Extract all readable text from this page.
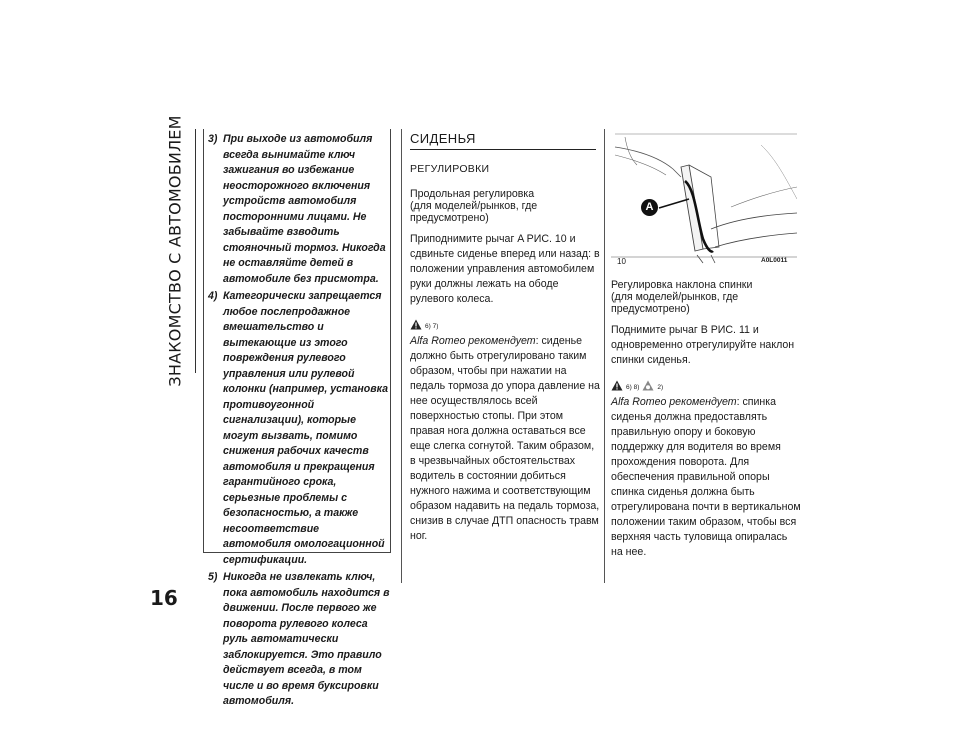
ЗНАКОМСТВО С АВТОМОБИЛЕМ
16
3) При выходе из автомобиля всегда вынимайте ключ зажигания во избежание неосторожного включения устройств автомобиля посторонними лицами. Не забывайте взводить стояночный тормоз. Никогда не оставляйте детей в автомобиле без присмотра.
4) Категорически запрещается любое послепродажное вмешательство и вытекающие из этого повреждения рулевого управления или рулевой колонки (например, установка противоугонной сигнализации), которые могут вызвать, помимо снижения рабочих качеств автомобиля и прекращения гарантийного срока, серьезные проблемы с безопасностью, а также несоответствие автомобиля омологационной сертификации.
5) Никогда не извлекать ключ, пока автомобиль находится в движении. После первого же поворота рулевого колеса руль автоматически заблокируется. Это правило действует всегда, в том числе и во время буксировки автомобиля.
СИДЕНЬЯ
РЕГУЛИРОВКИ
Продольная регулировка
(для моделей/рынков, где
предусмотрено)

Приподнимите рычаг A РИС. 10 и сдвиньте сиденье вперед или назад: в положении управления автомобилем руки должны лежать на ободе рулевого колеса.

6) 7)

Alfa Romeo рекомендует: сиденье должно быть отрегулировано таким образом, чтобы при нажатии на педаль тормоза до упора давление на нее осуществлялось всей поверхностью стопы. При этом правая нога должна оставаться все еще слегка согнутой. Таким образом, в чрезвычайных обстоятельствах водитель в состоянии добиться нужного нажима и соответствующим образом надавить на педаль тормоза, снизив в случае ДТП опасность травм ног.

A
10	A0L0011
Регулировка наклона спинки
(для моделей/рынков, где
предусмотрено)

Поднимите рычаг B РИС. 11 и одновременно отрегулируйте наклон спинки сиденья.

6) 8)	2)

Alfa Romeo рекомендует: спинка сиденья должна предоставлять правильную опору и боковую поддержку для водителя во время прохождения поворота. Для обеспечения правильной опоры спинка сиденья должна быть отрегулирована почти в вертикальном положении таким образом, чтобы вся верхняя часть туловища опиралась на нее.
